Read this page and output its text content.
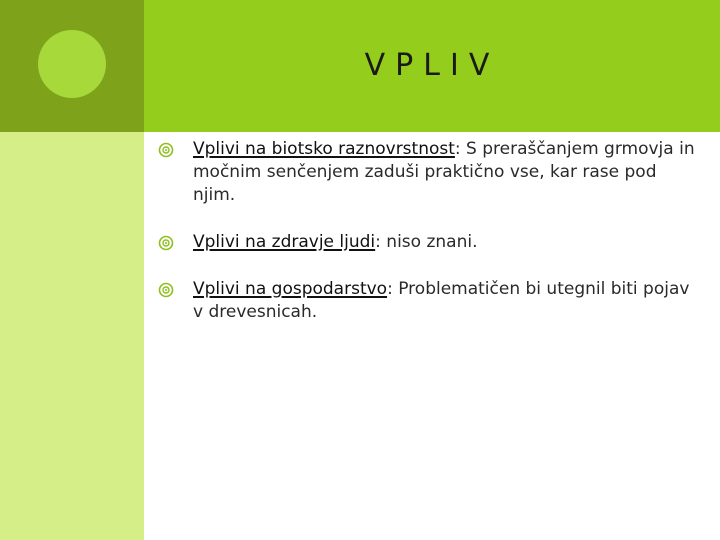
VPLIV
Vplivi na biotsko raznovrstnost: S preraščanjem grmovja in močnim senčenjem zaduši praktično vse, kar rase pod njim.
Vplivi na zdravje ljudi: niso znani.
Vplivi na gospodarstvo: Problematičen bi utegnil biti pojav v drevesnicah.
